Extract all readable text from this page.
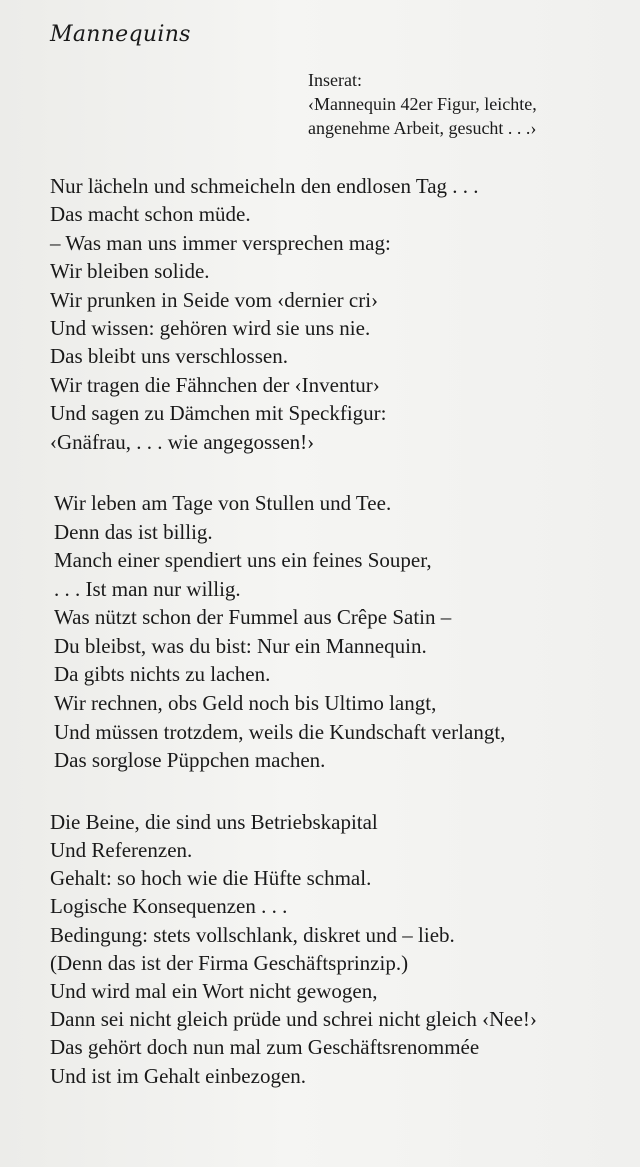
Mannequins
Inserat:
‹Mannequin 42er Figur, leichte,
angenehme Arbeit, gesucht . . .›
Nur lächeln und schmeicheln den endlosen Tag . . .
Das macht schon müde.
– Was man uns immer versprechen mag:
Wir bleiben solide.
Wir prunken in Seide vom ‹dernier cri›
Und wissen: gehören wird sie uns nie.
Das bleibt uns verschlossen.
Wir tragen die Fähnchen der ‹Inventur›
Und sagen zu Dämchen mit Speckfigur:
‹Gnäfrau, . . . wie angegossen!›
Wir leben am Tage von Stullen und Tee.
Denn das ist billig.
Manch einer spendiert uns ein feines Souper,
. . . Ist man nur willig.
Was nützt schon der Fummel aus Crêpe Satin –
Du bleibst, was du bist: Nur ein Mannequin.
Da gibts nichts zu lachen.
Wir rechnen, obs Geld noch bis Ultimo langt,
Und müssen trotzdem, weils die Kundschaft verlangt,
Das sorglose Püppchen machen.
Die Beine, die sind uns Betriebskapital
Und Referenzen.
Gehalt: so hoch wie die Hüfte schmal.
Logische Konsequenzen . . .
Bedingung: stets vollschlank, diskret und – lieb.
(Denn das ist der Firma Geschäftsprinzip.)
Und wird mal ein Wort nicht gewogen,
Dann sei nicht gleich prüde und schrei nicht gleich ‹Nee!›
Das gehört doch nun mal zum Geschäftsrenommée
Und ist im Gehalt einbezogen.
